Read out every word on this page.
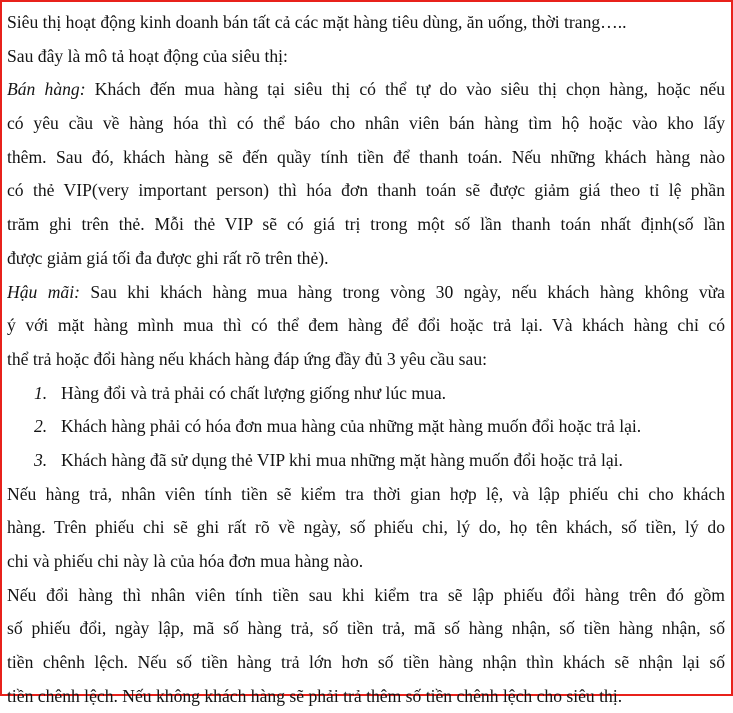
Siêu thị hoạt động kinh doanh bán tất cả các mặt hàng tiêu dùng, ăn uống, thời trang…..
Sau đây là mô tả hoạt động của siêu thị:
Bán hàng: Khách đến mua hàng tại siêu thị có thể tự do vào siêu thị chọn hàng, hoặc nếu
có yêu cầu về hàng hóa thì có thể báo cho nhân viên bán hàng tìm hộ hoặc vào kho lấy
thêm. Sau đó, khách hàng sẽ đến quầy tính tiền để thanh toán. Nếu những khách hàng nào
có thẻ VIP(very important person) thì hóa đơn thanh toán sẽ được giảm giá theo tỉ lệ phần
trăm ghi trên thẻ. Mỗi thẻ VIP sẽ có giá trị trong một số lần thanh toán nhất định(số lần
được giảm giá tối đa được ghi rất rõ trên thẻ).
Hậu mãi: Sau khi khách hàng mua hàng trong vòng 30 ngày, nếu khách hàng không vừa
ý với mặt hàng mình mua thì có thể đem hàng để đổi hoặc trả lại. Và khách hàng chỉ có
thể trả hoặc đổi hàng nếu khách hàng đáp ứng đầy đủ 3 yêu cầu sau:
1. Hàng đổi và trả phải có chất lượng giống như lúc mua.
2. Khách hàng phải có hóa đơn mua hàng của những mặt hàng muốn đổi hoặc trả lại.
3. Khách hàng đã sử dụng thẻ VIP khi mua những mặt hàng muốn đổi hoặc trả lại.
Nếu hàng trả, nhân viên tính tiền sẽ kiểm tra thời gian hợp lệ, và lập phiếu chi cho khách
hàng. Trên phiếu chi sẽ ghi rất rõ về ngày, số phiếu chi, lý do, họ tên khách, số tiền, lý do
chi và phiếu chi này là của hóa đơn mua hàng nào.
Nếu đổi hàng thì nhân viên tính tiền sau khi kiểm tra sẽ lập phiếu đổi hàng trên đó gồm
số phiếu đổi, ngày lập, mã số hàng trả, số tiền trả, mã số hàng nhận, số tiền hàng nhận, số
tiền chênh lệch. Nếu số tiền hàng trả lớn hơn số tiền hàng nhận thìn khách sẽ nhận lại số
tiền chênh lệch. Nếu không khách hàng sẽ phải trả thêm số tiền chênh lệch cho siêu thị.
